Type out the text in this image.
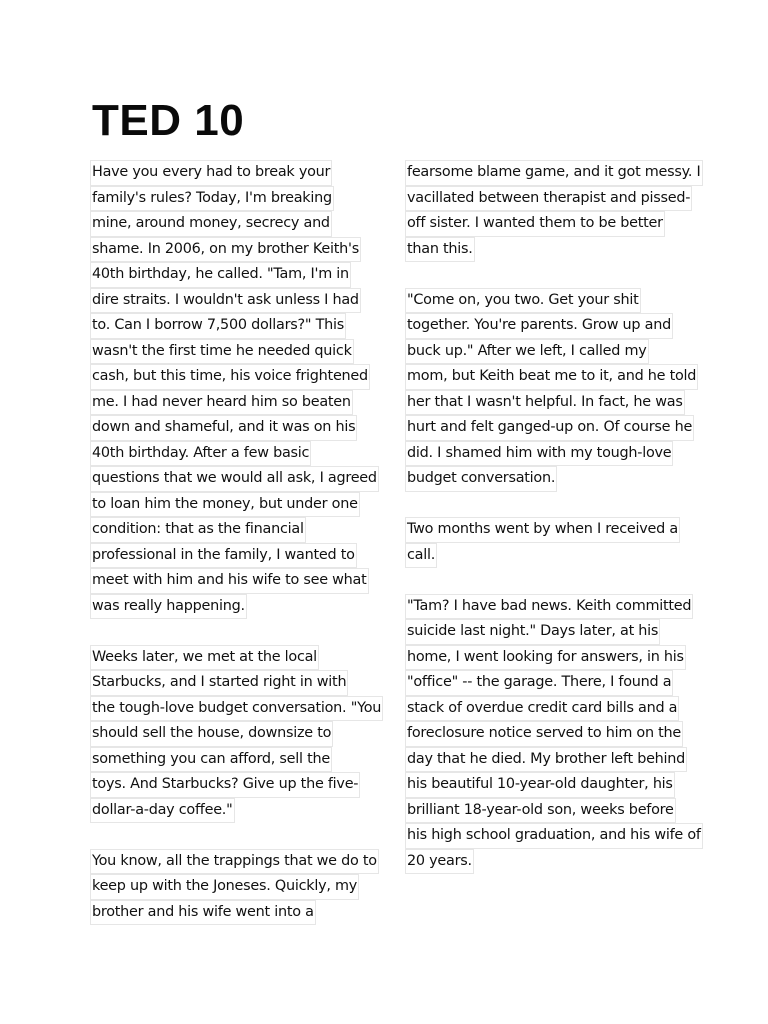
TED 10
Have you every had to break your
family's rules? Today, I'm breaking
mine, around money, secrecy and
shame. In 2006, on my brother Keith's
40th birthday, he called. "Tam, I'm in
dire straits. I wouldn't ask unless I had
to. Can I borrow 7,500 dollars?" This
wasn't the first time he needed quick
cash, but this time, his voice frightened
me. I had never heard him so beaten
down and shameful, and it was on his
40th birthday. After a few basic
questions that we would all ask, I agreed
to loan him the money, but under one
condition: that as the financial
professional in the family, I wanted to
meet with him and his wife to see what
was really happening.
Weeks later, we met at the local
Starbucks, and I started right in with
the tough-love budget conversation. "You
should sell the house, downsize to
something you can afford, sell the
toys. And Starbucks? Give up the five-
dollar-a-day coffee."
You know, all the trappings that we do to
keep up with the Joneses. Quickly, my
brother and his wife went into a
fearsome blame game, and it got messy. I
vacillated between therapist and pissed-
off sister. I wanted them to be better
than this.
"Come on, you two. Get your shit
together. You're parents. Grow up and
buck up." After we left, I called my
mom, but Keith beat me to it, and he told
her that I wasn't helpful. In fact, he was
hurt and felt ganged-up on. Of course he
did. I shamed him with my tough-love
budget conversation.
Two months went by when I received a
call.
"Tam? I have bad news. Keith committed
suicide last night." Days later, at his
home, I went looking for answers, in his
"office" -- the garage. There, I found a
stack of overdue credit card bills and a
foreclosure notice served to him on the
day that he died. My brother left behind
his beautiful 10-year-old daughter, his
brilliant 18-year-old son, weeks before
his high school graduation, and his wife of
20 years.
